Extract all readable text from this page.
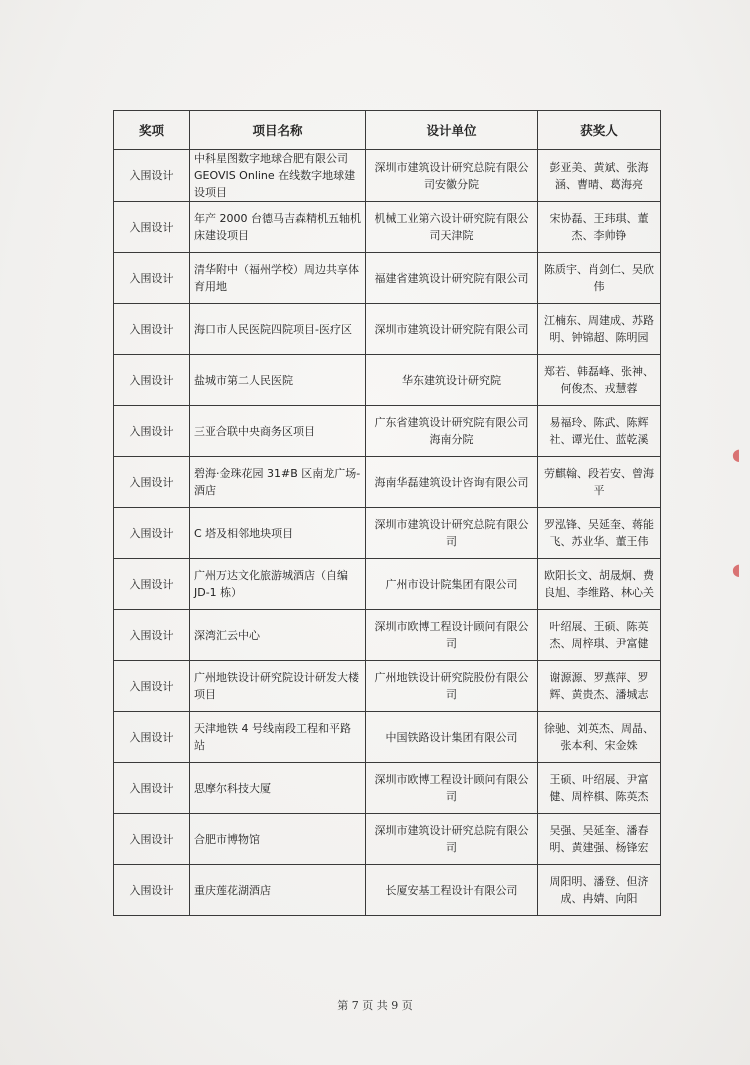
奖项	项目名称	设计单位	获奖人
入围设计	中科星图数字地球合肥有限公司 GEOVIS Online 在线数字地球建设项目	深圳市建筑设计研究总院有限公司安徽分院	彭亚美、黄斌、张海涵、曹晴、葛海亮
入围设计	年产 2000 台德马吉森精机五轴机床建设项目	机械工业第六设计研究院有限公司天津院	宋协磊、王玮琪、董杰、李帅铮
入围设计	清华附中（福州学校）周边共享体育用地	福建省建筑设计研究院有限公司	陈质宇、肖剑仁、吴欣伟
入围设计	海口市人民医院四院项目-医疗区	深圳市建筑设计研究院有限公司	江楠东、周建成、苏路明、钟锦超、陈明园
入围设计	盐城市第二人民医院	华东建筑设计研究院	郑若、韩磊峰、张神、何俊杰、戎慧蓉
入围设计	三亚合联中央商务区项目	广东省建筑设计研究院有限公司海南分院	易福玲、陈武、陈辉社、谭光仕、蓝乾溪
入围设计	碧海·金珠花园 31#B 区南龙广场-酒店	海南华磊建筑设计咨询有限公司	劳麒翰、段若安、曾海平
入围设计	C 塔及相邻地块项目	深圳市建筑设计研究总院有限公司	罗泓锋、吴延奎、蒋能飞、苏业华、董王伟
入围设计	广州万达文化旅游城酒店（自编 JD-1 栋）	广州市设计院集团有限公司	欧阳长文、胡晟炯、费良旭、李维路、林心关
入围设计	深湾汇云中心	深圳市欧博工程设计顾问有限公司	叶绍展、王硕、陈英杰、周梓琪、尹富健
入围设计	广州地铁设计研究院设计研发大楼项目	广州地铁设计研究院股份有限公司	谢源源、罗燕萍、罗辉、黄贵杰、潘城志
入围设计	天津地铁 4 号线南段工程和平路站	中国铁路设计集团有限公司	徐驰、刘英杰、周晶、张本利、宋金姝
入围设计	思摩尔科技大厦	深圳市欧博工程设计顾问有限公司	王硕、叶绍展、尹富健、周梓棋、陈英杰
入围设计	合肥市博物馆	深圳市建筑设计研究总院有限公司	吴强、吴延奎、潘春明、黄建强、杨锋宏
入围设计	重庆莲花湖酒店	长厦安基工程设计有限公司	周阳明、潘登、但济成、冉婧、向阳
第 7 页 共 9 页
◖
◖
